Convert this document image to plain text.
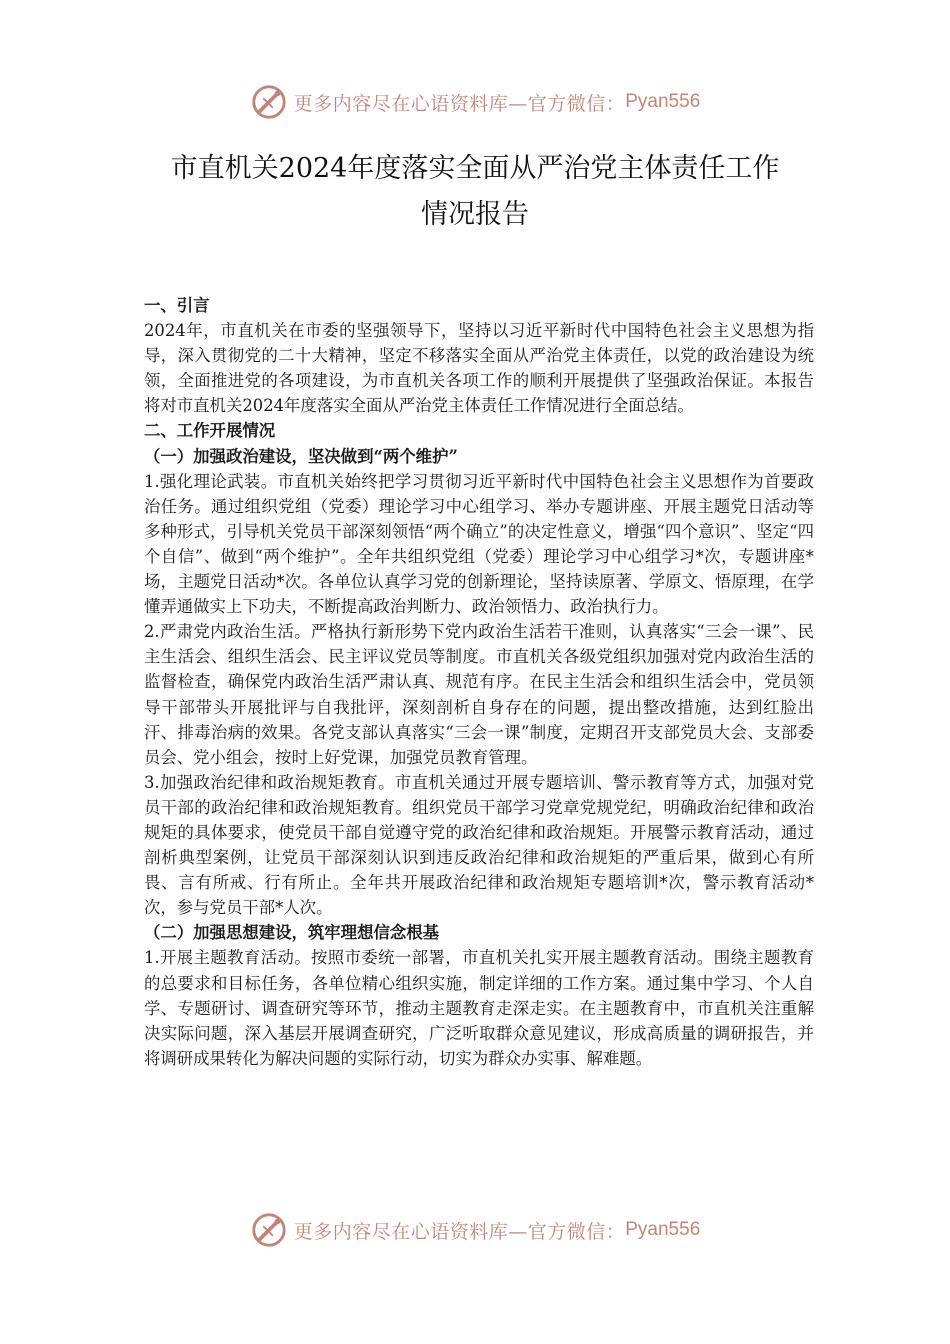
更多内容尽在心语资料库—官方微信： Pyan556
市直机关2024年度落实全面从严治党主体责任工作
情况报告

一、引言

2024年，市直机关在市委的坚强领导下，坚持以习近平新时代中国特色社会主义思想为指导，深入贯彻党的二十大精神，坚定不移落实全面从严治党主体责任，以党的政治建设为统领，全面推进党的各项建设，为市直机关各项工作的顺利开展提供了坚强政治保证。本报告将对市直机关2024年度落实全面从严治党主体责任工作情况进行全面总结。

二、工作开展情况

（一）加强政治建设，坚决做到“两个维护”

1.强化理论武装。市直机关始终把学习贯彻习近平新时代中国特色社会主义思想作为首要政治任务。通过组织党组（党委）理论学习中心组学习、举办专题讲座、开展主题党日活动等多种形式，引导机关党员干部深刻领悟“两个确立”的决定性意义，增强“四个意识”、坚定“四个自信”、做到“两个维护”。全年共组织党组（党委）理论学习中心组学习*次，专题讲座*场，主题党日活动*次。各单位认真学习党的创新理论，坚持读原著、学原文、悟原理，在学懂弄通做实上下功夫，不断提高政治判断力、政治领悟力、政治执行力。

2.严肃党内政治生活。严格执行新形势下党内政治生活若干准则，认真落实“三会一课”、民主生活会、组织生活会、民主评议党员等制度。市直机关各级党组织加强对党内政治生活的监督检查，确保党内政治生活严肃认真、规范有序。在民主生活会和组织生活会中，党员领导干部带头开展批评与自我批评，深刻剖析自身存在的问题，提出整改措施，达到红脸出汗、排毒治病的效果。各党支部认真落实“三会一课”制度，定期召开支部党员大会、支部委员会、党小组会，按时上好党课，加强党员教育管理。

3.加强政治纪律和政治规矩教育。市直机关通过开展专题培训、警示教育等方式，加强对党员干部的政治纪律和政治规矩教育。组织党员干部学习党章党规党纪，明确政治纪律和政治规矩的具体要求，使党员干部自觉遵守党的政治纪律和政治规矩。开展警示教育活动，通过剖析典型案例，让党员干部深刻认识到违反政治纪律和政治规矩的严重后果，做到心有所畏、言有所戒、行有所止。全年共开展政治纪律和政治规矩专题培训*次，警示教育活动*次，参与党员干部*人次。

（二）加强思想建设，筑牢理想信念根基

1.开展主题教育活动。按照市委统一部署，市直机关扎实开展主题教育活动。围绕主题教育的总要求和目标任务，各单位精心组织实施，制定详细的工作方案。通过集中学习、个人自学、专题研讨、调查研究等环节，推动主题教育走深走实。在主题教育中，市直机关注重解决实际问题，深入基层开展调查研究，广泛听取群众意见建议，形成高质量的调研报告，并将调研成果转化为解决问题的实际行动，切实为群众办实事、解难题。

更多内容尽在心语资料库—官方微信： Pyan556
